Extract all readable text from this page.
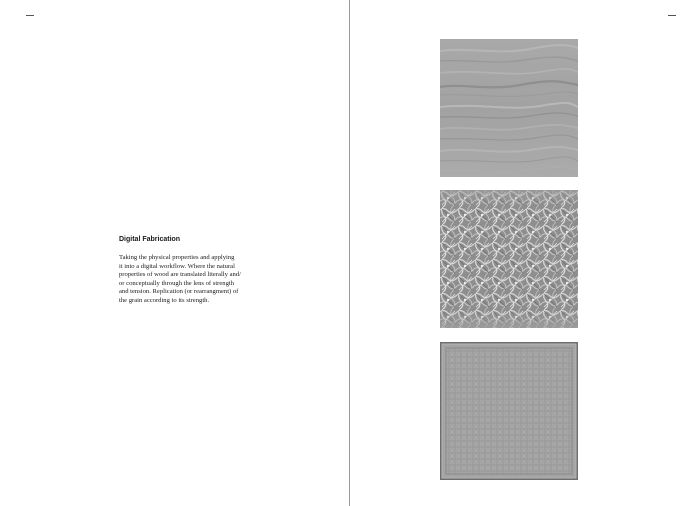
Digital Fabrication

Taking the physical properties and applying
it into a digital workflow. Where the natural
properties of wood are translated literally and/
or conceptually through the lens of strength
and tension. Replication (or rearrangment) of
the grain according to its strength.
